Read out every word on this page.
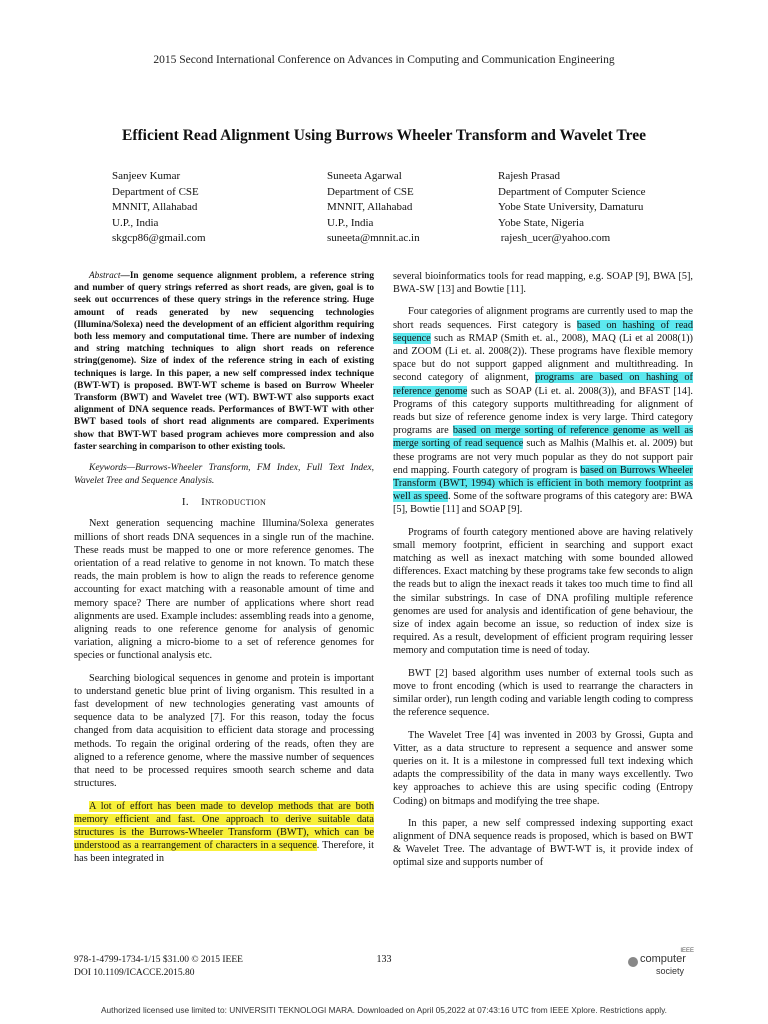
2015 Second International Conference on Advances in Computing and Communication Engineering
Efficient Read Alignment Using Burrows Wheeler Transform and Wavelet Tree
Sanjeev Kumar
Department of CSE
MNNIT, Allahabad
U.P., India
skgcp86@gmail.com
Suneeta Agarwal
Department of CSE
MNNIT, Allahabad
U.P., India
suneeta@mnnit.ac.in
Rajesh Prasad
Department of Computer Science
Yobe State University, Damaturu
Yobe State, Nigeria
rajesh_ucer@yahoo.com

Abstract—In genome sequence alignment problem, a reference string and number of query strings referred as short reads, are given, goal is to seek out occurrences of these query strings in the reference string. Huge amount of reads generated by new sequencing technologies (Illumina/Solexa) need the development of an efficient algorithm requiring both less memory and computational time. There are number of indexing and string matching techniques to align short reads on reference string(genome). Size of index of the reference string in each of existing techniques is large. In this paper, a new self compressed index technique (BWT-WT) is proposed. BWT-WT scheme is based on Burrow Wheeler Transform (BWT) and Wavelet tree (WT). BWT-WT also supports exact alignment of DNA sequence reads. Performances of BWT-WT with other BWT based tools of short read alignments are compared. Experiments show that BWT-WT based program achieves more compression and also faster searching in comparison to other existing tools.

Keywords—Burrows-Wheeler Transform, FM Index, Full Text Index, Wavelet Tree and Sequence Analysis.

I. Introduction

Next generation sequencing machine Illumina/Solexa generates millions of short reads DNA sequences in a single run of the machine. These reads must be mapped to one or more reference genomes. The orientation of a read relative to genome in not known. To match these reads, the main problem is how to align the reads to reference genome accounting for exact matching with a reasonable amount of time and memory space? There are number of applications where short read alignments are used. Example includes: assembling reads into a genome, aligning reads to one reference genome for analysis of genomic variation, aligning a micro-biome to a set of reference genomes for species or functional analysis etc.

Searching biological sequences in genome and protein is important to understand genetic blue print of living organism. This resulted in a fast development of new technologies generating vast amounts of sequence data to be analyzed [7]. For this reason, today the focus changed from data acquisition to efficient data storage and processing methods. To regain the original ordering of the reads, often they are aligned to a reference genome, where the massive number of sequences that need to be processed requires smooth search scheme and data structures.

A lot of effort has been made to develop methods that are both memory efficient and fast. One approach to derive suitable data structures is the Burrows-Wheeler Transform (BWT), which can be understood as a rearrangement of characters in a sequence. Therefore, it has been integrated in

several bioinformatics tools for read mapping, e.g. SOAP [9], BWA [5], BWA-SW [13] and Bowtie [11].

Four categories of alignment programs are currently used to map the short reads sequences. First category is based on hashing of read sequence such as RMAP (Smith et. al., 2008), MAQ (Li et al 2008(1)) and ZOOM (Li et. al. 2008(2)). These programs have flexible memory space but do not support gapped alignment and multithreading. In second category of alignment, programs are based on hashing of reference genome such as SOAP (Li et. al. 2008(3)), and BFAST [14]. Programs of this category supports multithreading for alignment of reads but size of reference genome index is very large. Third category programs are based on merge sorting of reference genome as well as merge sorting of read sequence such as Malhis (Malhis et. al. 2009) but these programs are not very much popular as they do not support pair end mapping. Fourth category of program is based on Burrows Wheeler Transform (BWT, 1994) which is efficient in both memory footprint as well as speed. Some of the software programs of this category are: BWA [5], Bowtie [11] and SOAP [9].

Programs of fourth category mentioned above are having relatively small memory footprint, efficient in searching and support exact matching as well as inexact matching with some bounded allowed differences. Exact matching by these programs take few seconds to align the reads but to align the inexact reads it takes too much time to find all the similar substrings. In case of DNA profiling multiple reference genomes are used for analysis and identification of gene behaviour, the size of index again become an issue, so reduction of index size is required. As a result, development of efficient program requiring lesser memory and computation time is need of today.

BWT [2] based algorithm uses number of external tools such as move to front encoding (which is used to rearrange the characters in similar order), run length coding and variable length coding to compress the reference sequence.

The Wavelet Tree [4] was invented in 2003 by Grossi, Gupta and Vitter, as a data structure to represent a sequence and answer some queries on it. It is a milestone in compressed full text indexing which adapts the compressibility of the data in many ways excellently. Two key approaches to achieve this are using specific coding (Entropy Coding) on bitmaps and modifying the tree shape.

In this paper, a new self compressed indexing supporting exact alignment of DNA sequence reads is proposed, which is based on BWT & Wavelet Tree. The advantage of BWT-WT is, it provide index of optimal size and supports number of

978-1-4799-1734-1/15 $31.00 © 2015 IEEE
DOI 10.1109/ICACCE.2015.80
133
IEEE
computer
society
Authorized licensed use limited to: UNIVERSITI TEKNOLOGI MARA. Downloaded on April 05,2022 at 07:43:16 UTC from IEEE Xplore. Restrictions apply.
